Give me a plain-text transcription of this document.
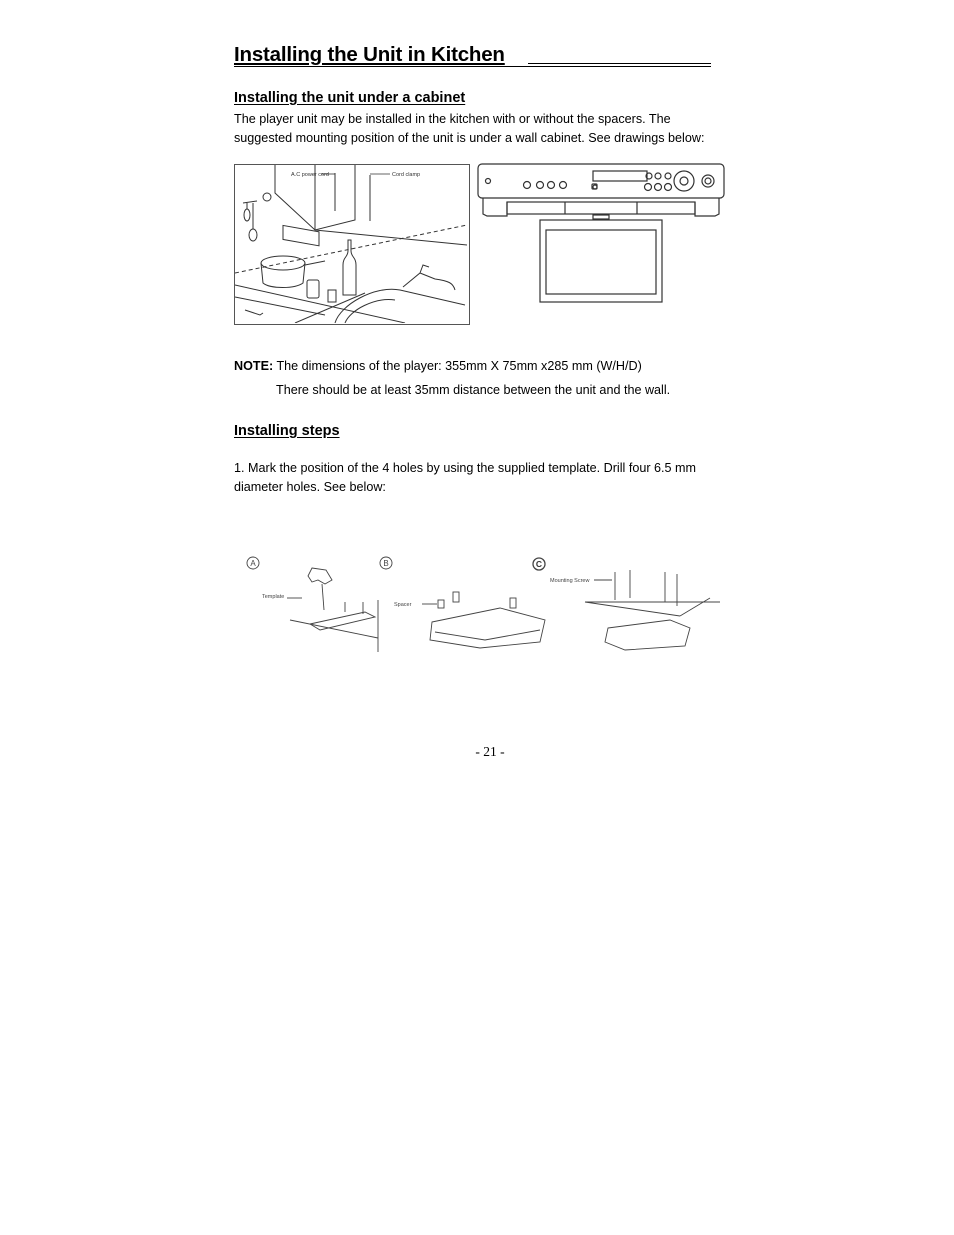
Installing the Unit in Kitchen
Installing the unit under a cabinet

The player unit may be installed in the kitchen with or without the spacers. The

suggested mounting position of the unit is under a wall cabinet. See drawings below:

A.C power cord	Cord clamp

NOTE: The dimensions of the player: 355mm X 75mm x285 mm (W/H/D)

There should be at least 35mm distance between the unit and the wall.

Installing steps

1. Mark the position of the 4 holes by using the supplied template. Drill four 6.5 mm

diameter holes. See below:

A	B	C
Template
Spacer
Mounting Screw
- 21 -
